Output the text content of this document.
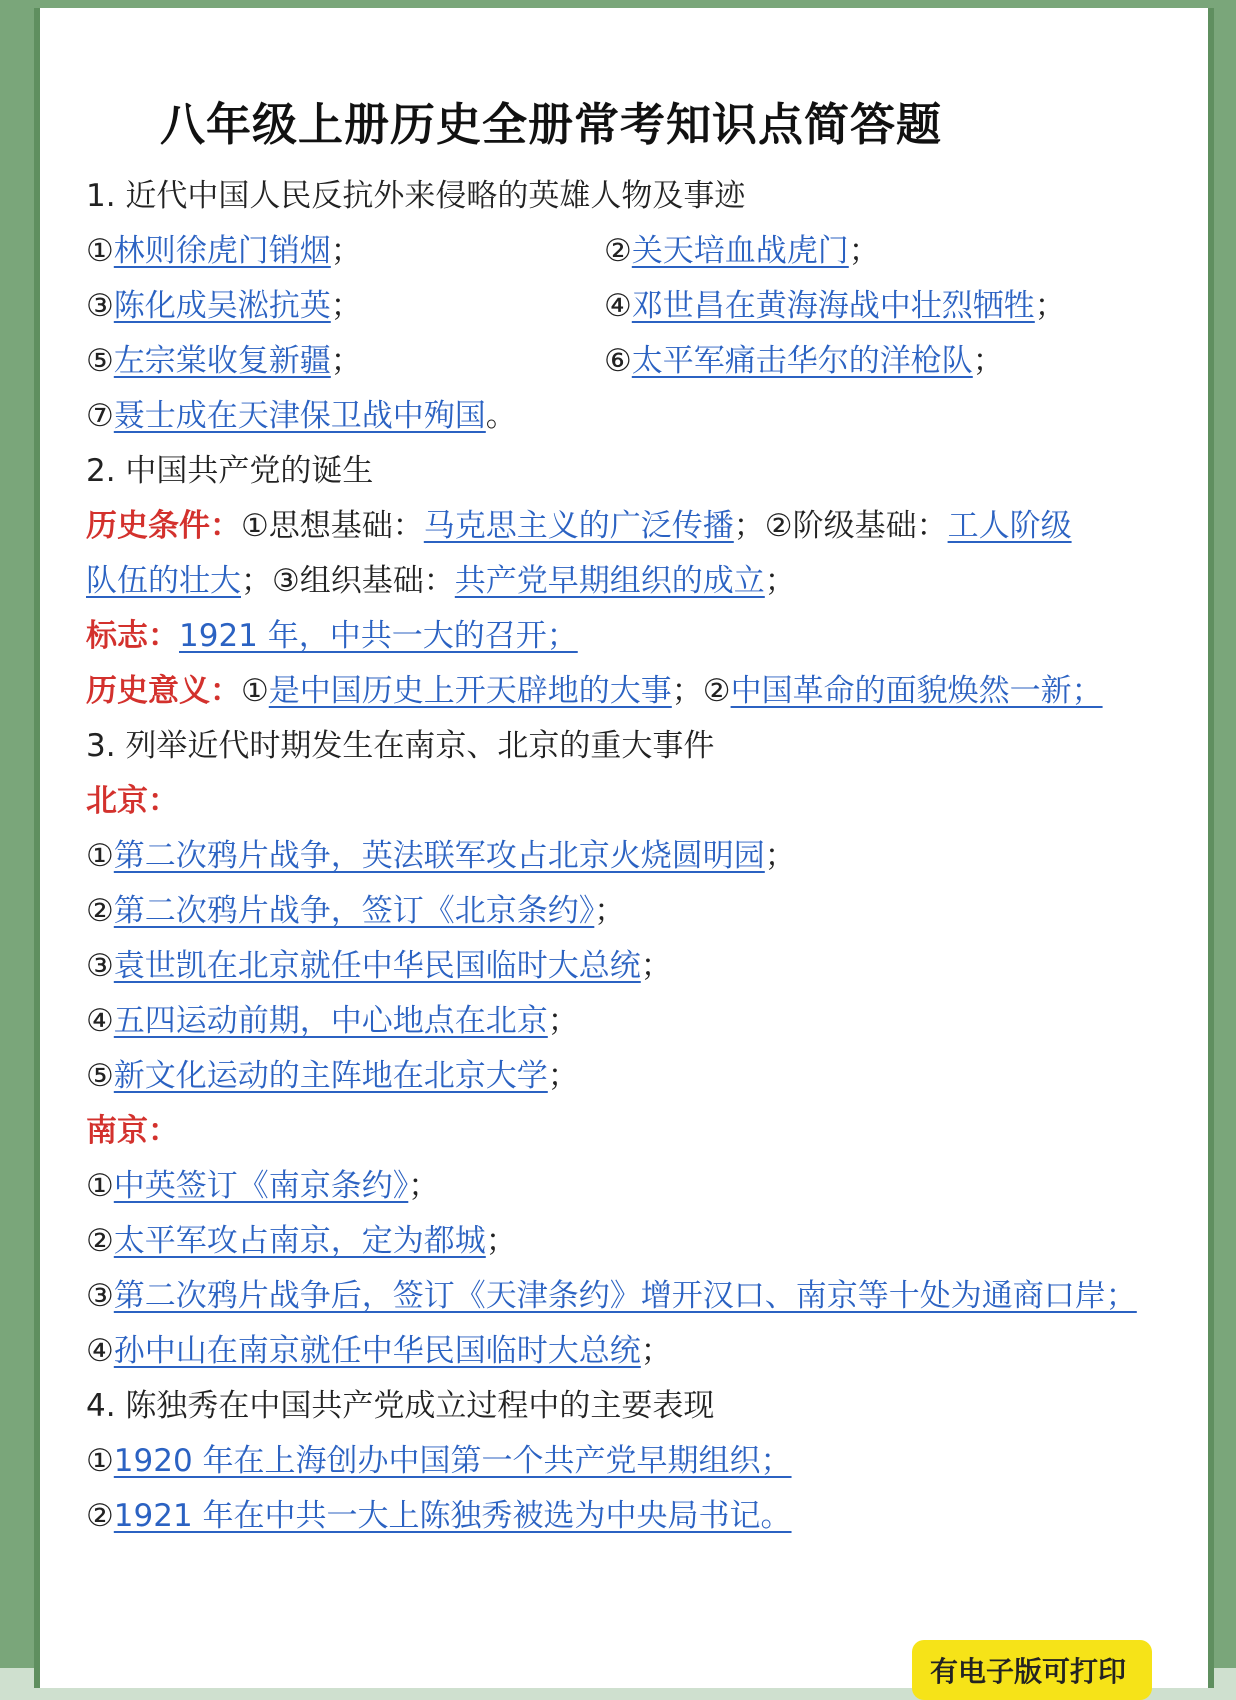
八年级上册历史全册常考知识点简答题
1. 近代中国人民反抗外来侵略的英雄人物及事迹
①林则徐虎门销烟；	②关天培血战虎门；
③陈化成吴淞抗英；	④邓世昌在黄海海战中壮烈牺牲；
⑤左宗棠收复新疆；	⑥太平军痛击华尔的洋枪队；
⑦聂士成在天津保卫战中殉国。
2. 中国共产党的诞生
历史条件：①思想基础：马克思主义的广泛传播；②阶级基础：工人阶级
队伍的壮大；③组织基础：共产党早期组织的成立；
标志：1921 年，中共一大的召开；
历史意义：①是中国历史上开天辟地的大事；②中国革命的面貌焕然一新；
3. 列举近代时期发生在南京、北京的重大事件
北京：
①第二次鸦片战争，英法联军攻占北京火烧圆明园；
②第二次鸦片战争，签订《北京条约》；
③袁世凯在北京就任中华民国临时大总统；
④五四运动前期，中心地点在北京；
⑤新文化运动的主阵地在北京大学；
南京：
①中英签订《南京条约》；
②太平军攻占南京，定为都城；
③第二次鸦片战争后，签订《天津条约》增开汉口、南京等十处为通商口岸；
④孙中山在南京就任中华民国临时大总统；
4. 陈独秀在中国共产党成立过程中的主要表现
①1920 年在上海创办中国第一个共产党早期组织；
②1921 年在中共一大上陈独秀被选为中央局书记。
有电子版可打印
